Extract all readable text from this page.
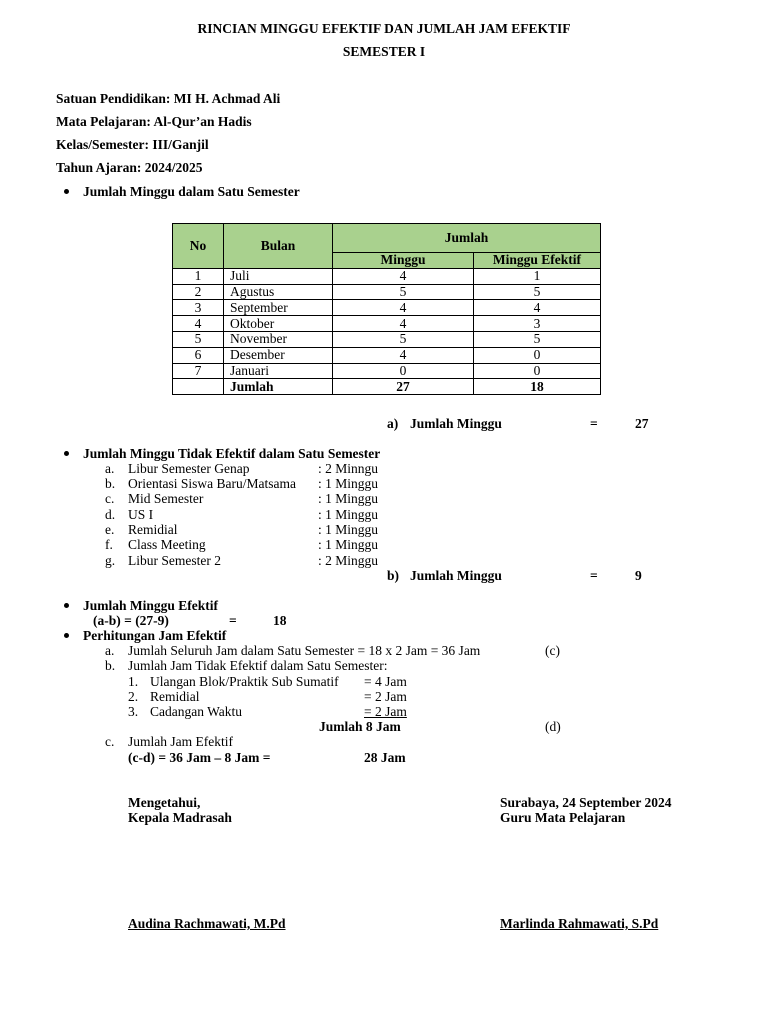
RINCIAN MINGGU EFEKTIF DAN JUMLAH JAM EFEKTIF
SEMESTER I
Satuan Pendidikan: MI H. Achmad Ali
Mata Pelajaran: Al-Qur’an Hadis
Kelas/Semester: III/Ganjil
Tahun Ajaran: 2024/2025
Jumlah Minggu dalam Satu Semester
No	Bulan	Jumlah	
		Minggu	Minggu Efektif
1	Juli	4	1
2	Agustus	5	5
3	September	4	4
4	Oktober	4	3
5	November	5	5
6	Desember	4	0
7	Januari	0	0
	Jumlah	27	18
a) Jumlah Minggu	=	27
Jumlah Minggu Tidak Efektif dalam Satu Semester
a. Libur Semester Genap	: 2 Minngu
b. Orientasi Siswa Baru/Matsama : 1 Minggu
c. Mid Semester	: 1 Minggu
d. US I	: 1 Minggu
e. Remidial	: 1 Minggu
f. Class Meeting	: 1 Minggu
g. Libur Semester 2	: 2 Minggu
b) Jumlah Minggu	=	9
Jumlah Minggu Efektif
(a-b) = (27-9)	=	18
Perhitungan Jam Efektif
a. Jumlah Seluruh Jam dalam Satu Semester = 18 x 2 Jam = 36 Jam	(c)
b. Jumlah Jam Tidak Efektif dalam Satu Semester:
1. Ulangan Blok/Praktik Sub Sumatif = 4 Jam
2. Remidial	= 2 Jam
3. Cadangan Waktu	= 2 Jam
Jumlah 8 Jam	(d)
c. Jumlah Jam Efektif
(c-d) = 36 Jam – 8 Jam =	28 Jam
Mengetahui,
Kepala Madrasah
Audina Rachmawati, M.Pd
Surabaya, 24 September 2024
Guru Mata Pelajaran
Marlinda Rahmawati, S.Pd
